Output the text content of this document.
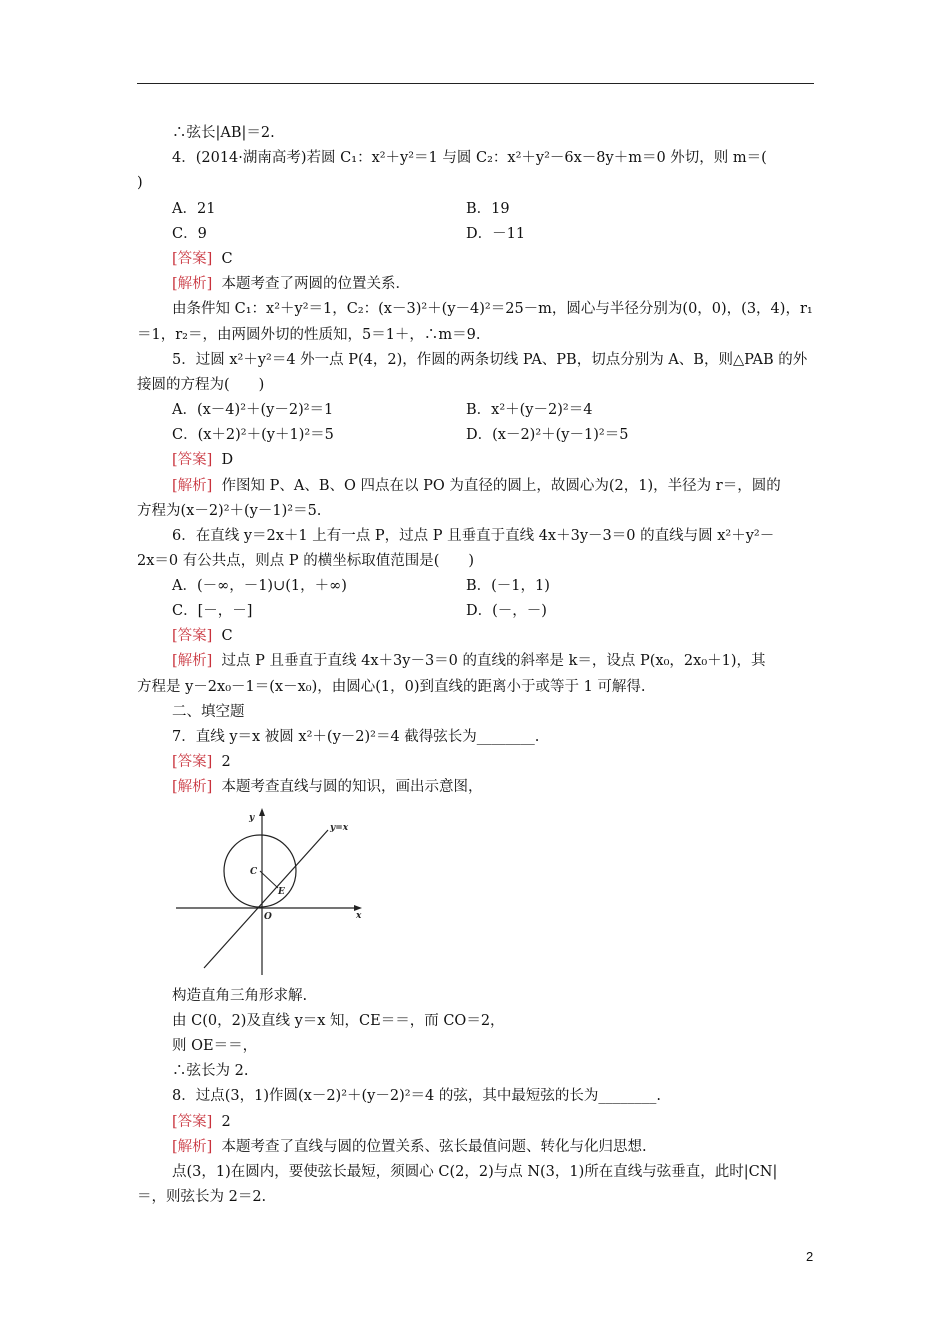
∴弦长|AB|＝2.
4．(2014·湖南高考)若圆 C₁：x²＋y²＝1 与圆 C₂：x²＋y²－6x－8y＋m＝0 外切，则 m＝(
)
A．21	B．19
C．9	D．－11
[答案] C
[解析] 本题考查了两圆的位置关系．
由条件知 C₁：x²＋y²＝1，C₂：(x－3)²＋(y－4)²＝25－m，圆心与半径分别为(0，0)，(3，4)，r₁
＝1，r₂＝，由两圆外切的性质知，5＝1＋，∴m＝9.
5．过圆 x²＋y²＝4 外一点 P(4，2)，作圆的两条切线 PA、PB，切点分别为 A、B，则△PAB 的外
接圆的方程为(　　)
A．(x－4)²＋(y－2)²＝1	B．x²＋(y－2)²＝4
C．(x＋2)²＋(y＋1)²＝5	D．(x－2)²＋(y－1)²＝5
[答案] D
[解析] 作图知 P、A、B、O 四点在以 PO 为直径的圆上，故圆心为(2，1)，半径为 r＝，圆的
方程为(x－2)²＋(y－1)²＝5.
6．在直线 y＝2x＋1 上有一点 P，过点 P 且垂直于直线 4x＋3y－3＝0 的直线与圆 x²＋y²－
2x＝0 有公共点，则点 P 的横坐标取值范围是(　　)
A．(－∞，－1)∪(1，＋∞)	B．(－1，1)
C．[－，－]	D．(－，－)
[答案] C
[解析] 过点 P 且垂直于直线 4x＋3y－3＝0 的直线的斜率是 k＝，设点 P(x₀，2x₀＋1)，其
方程是 y－2x₀－1＝(x－x₀)，由圆心(1，0)到直线的距离小于或等于 1 可解得.
二、填空题
7．直线 y＝x 被圆 x²＋(y－2)²＝4 截得弦长为________.
[答案] 2
[解析] 本题考查直线与圆的知识，画出示意图，
y
y=x
C
E
O	x
构造直角三角形求解.
由 C(0，2)及直线 y＝x 知，CE＝＝，而 CO＝2，
则 OE＝＝，
∴弦长为 2.
8．过点(3，1)作圆(x－2)²＋(y－2)²＝4 的弦，其中最短弦的长为________.
[答案] 2
[解析] 本题考查了直线与圆的位置关系、弦长最值问题、转化与化归思想.
点(3，1)在圆内，要使弦长最短，须圆心 C(2，2)与点 N(3，1)所在直线与弦垂直，此时|CN|
＝，则弦长为 2＝2.
2
